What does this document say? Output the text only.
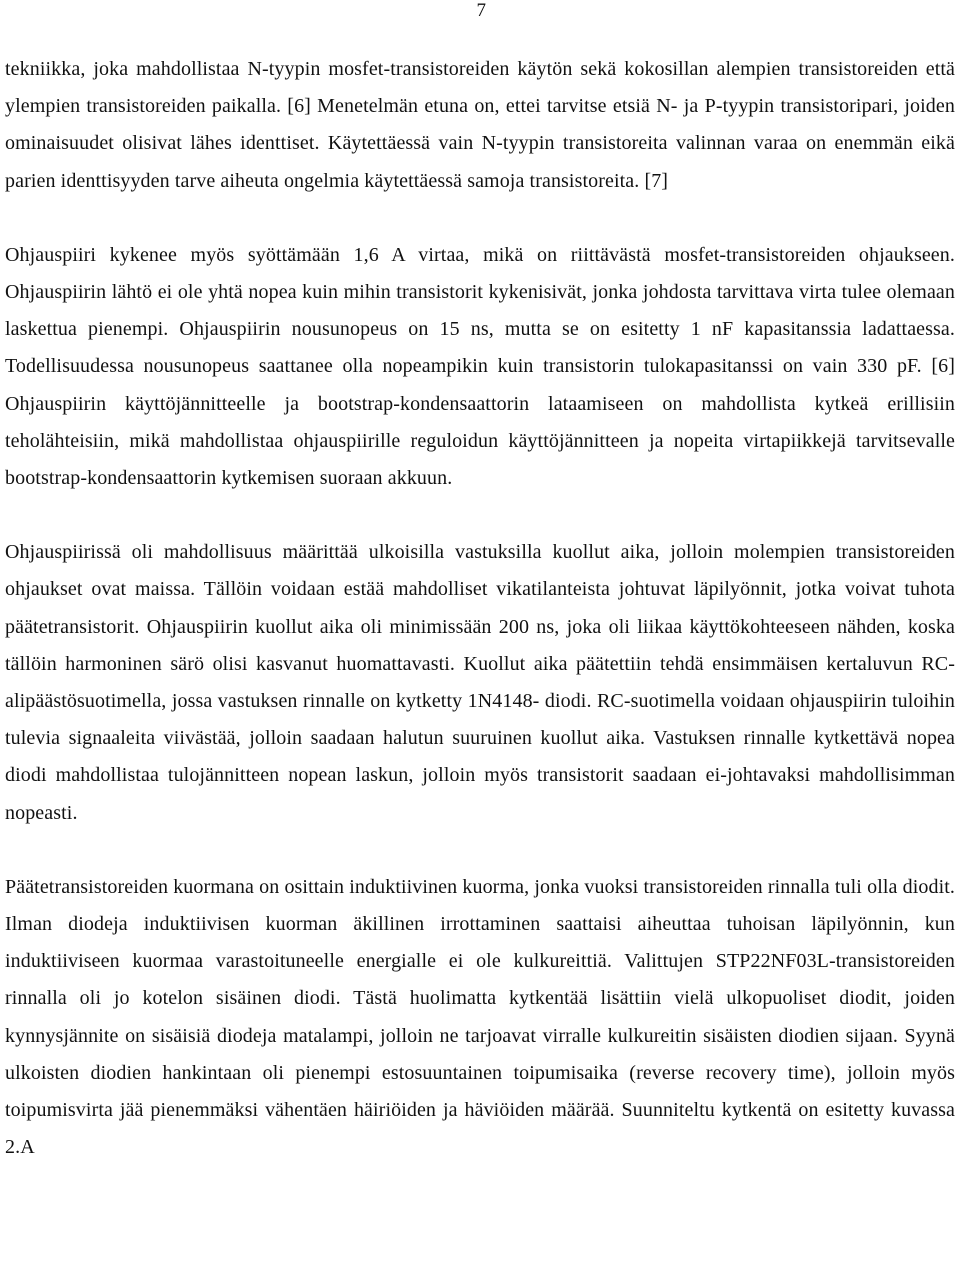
7

tekniikka, joka mahdollistaa N-tyypin mosfet-transistoreiden käytön sekä kokosillan alempien transistoreiden että ylempien transistoreiden paikalla. [6] Menetelmän etuna on, ettei tarvitse etsiä N- ja P-tyypin transistoripari, joiden ominaisuudet olisivat lähes identtiset. Käytettäessä vain N-tyypin transistoreita valinnan varaa on enemmän eikä parien identtisyyden tarve aiheuta ongelmia käytettäessä samoja transistoreita. [7]

Ohjauspiiri kykenee myös syöttämään 1,6 A virtaa, mikä on riittävästä mosfet-transistoreiden ohjaukseen. Ohjauspiirin lähtö ei ole yhtä nopea kuin mihin transistorit kykenisivät, jonka johdosta tarvittava virta tulee olemaan laskettua pienempi. Ohjauspiirin nousunopeus on 15 ns, mutta se on esitetty 1 nF kapasitanssia ladattaessa. Todellisuudessa nousunopeus saattanee olla nopeampikin kuin transistorin tulokapasitanssi on vain 330 pF. [6] Ohjauspiirin käyttöjännitteelle ja bootstrap-kondensaattorin lataamiseen on mahdollista kytkeä erillisiin teholähteisiin, mikä mahdollistaa ohjauspiirille reguloidun käyttöjännitteen ja nopeita virtapiikkejä tarvitsevalle bootstrap-kondensaattorin kytkemisen suoraan akkuun.

Ohjauspiirissä oli mahdollisuus määrittää ulkoisilla vastuksilla kuollut aika, jolloin molempien transistoreiden ohjaukset ovat maissa. Tällöin voidaan estää mahdolliset vikatilanteista johtuvat läpilyönnit, jotka voivat tuhota päätetransistorit. Ohjauspiirin kuollut aika oli minimissään 200 ns, joka oli liikaa käyttökohteeseen nähden, koska tällöin harmoninen särö olisi kasvanut huomattavasti. Kuollut aika päätettiin tehdä ensimmäisen kertaluvun RC-alipäästösuotimella, jossa vastuksen rinnalle on kytketty 1N4148- diodi. RC-suotimella voidaan ohjauspiirin tuloihin tulevia signaaleita viivästää, jolloin saadaan halutun suuruinen kuollut aika. Vastuksen rinnalle kytkettävä nopea diodi mahdollistaa tulojännitteen nopean laskun, jolloin myös transistorit saadaan ei-johtavaksi mahdollisimman nopeasti.

Päätetransistoreiden kuormana on osittain induktiivinen kuorma, jonka vuoksi transistoreiden rinnalla tuli olla diodit. Ilman diodeja induktiivisen kuorman äkillinen irrottaminen saattaisi aiheuttaa tuhoisan läpilyönnin, kun induktiiviseen kuormaa varastoituneelle energialle ei ole kulkureittiä. Valittujen STP22NF03L-transistoreiden rinnalla oli jo kotelon sisäinen diodi. Tästä huolimatta kytkentää lisättiin vielä ulkopuoliset diodit, joiden kynnysjännite on sisäisiä diodeja matalampi, jolloin ne tarjoavat virralle kulkureitin sisäisten diodien sijaan. Syynä ulkoisten diodien hankintaan oli pienempi estosuuntainen toipumisaika (reverse recovery time), jolloin myös toipumisvirta jää pienemmäksi vähentäen häiriöiden ja häviöiden määrää. Suunniteltu kytkentä on esitetty kuvassa 2.A
